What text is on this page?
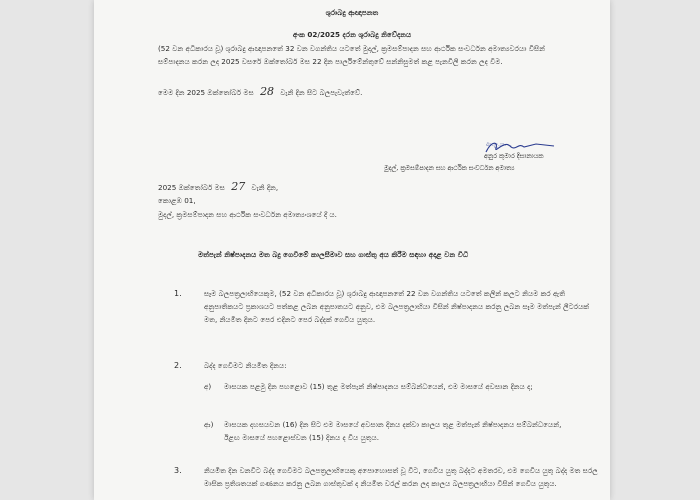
ශුරාබදු ආඥාපනත
අංක 02/2025 දරන ශුරාබදු නිවේදනය
(52 වන අධිකාරය වූ) ශුරාබදු ආඥාපනතේ 32 වන වගන්තිය යටතේ මුදල්, ක්‍රමසම්පාදන සහ ආර්ථික සංවර්ධන අමාත්‍යවරයා විසින් සම්පාදනය කරන ලද 2025 වසරේ ඔක්තෝබර් මස 22 දින පාර්ලිමේන්තුවේ සන්නිසුමත් කළ පැනවිලි කරන ලද වීම.
මෙම දින 2025 ඔක්තෝබර් මස 28 වැනි දින සිට බලපැවැත්වේ.
ආ.ල.ශ. ..
අනුර කුමාර දිසානායක
මුදල්, ක්‍රමසම්පාදන සහ ආර්ථික සංවර්ධන අමාත්‍ය
2025 ඔක්තෝබර් මස 27 වැනි දින,
කොළඹ 01,
මුදල්, ක්‍රමසම්පාදන සහ ආර්ථික සංවර්ධන අමාත්‍යංශයේ දී ය.
මත්පැන් නිෂ්පාදනය මත බදු ගෙවීමේ කාලසීමාව සහ ගාස්තු අය කිරීම සඳහා අදාළ වන විධි
1.	සෑම බලපත්‍රලාභියෙකුම, (52 වන අධිකාරය වූ) ශුරාබදු ආඥාපනතේ 22 වන වගන්තිය යටතේ කලින් කලට නියම කර ඇති අනුපාතිකයට ප්‍රකාශයට පත්කළ ලබන අනුපාතයට අනුව, එම බලපත්‍රලාභියා විසින් නිෂ්පාදනය කරනු ලබන සෑම මත්පැන් ලීටරයක් මත, නියමිත දිනට පෙර එදිනට පෙර බද්දක් ගෙවිය යුතුය.
2.	බද්ද ගෙවීමට නියමිත දිනය:
අ) මාසයක පළමු දින පහළොව (15) තුළ මත්පැන් නිෂ්පාදනය සම්බන්ධයෙන්, එම මාසයේ අවසාන දිනය ද;
ආ) මාසයක දහසයවන (16) දින සිට එම මාසයේ අවසාන දිනය දක්වා කාලය තුළ මත්පැන් නිෂ්පාදනය සම්බන්ධයෙන්, ඊළඟ මාසයේ පහළොස්වන (15) දිනය ද විය යුතුය.
3.	නියමිත දින වනවිට බද්ද ගෙවීමට බලපත්‍රලාභියෙකු අපොහොසත් වූ විට, ගෙවිය යුතු බද්දට අමතරව, එම ගෙවිය යුතු බද්ද මත සරල මාසික ප්‍රතිශතයක් ගණනය කරනු ලබන ගාස්තුවක් ද නියමිත වරල් කරන ලද කාලය බලපත්‍රලාභියා විසින් ගෙවිය යුතුය.
